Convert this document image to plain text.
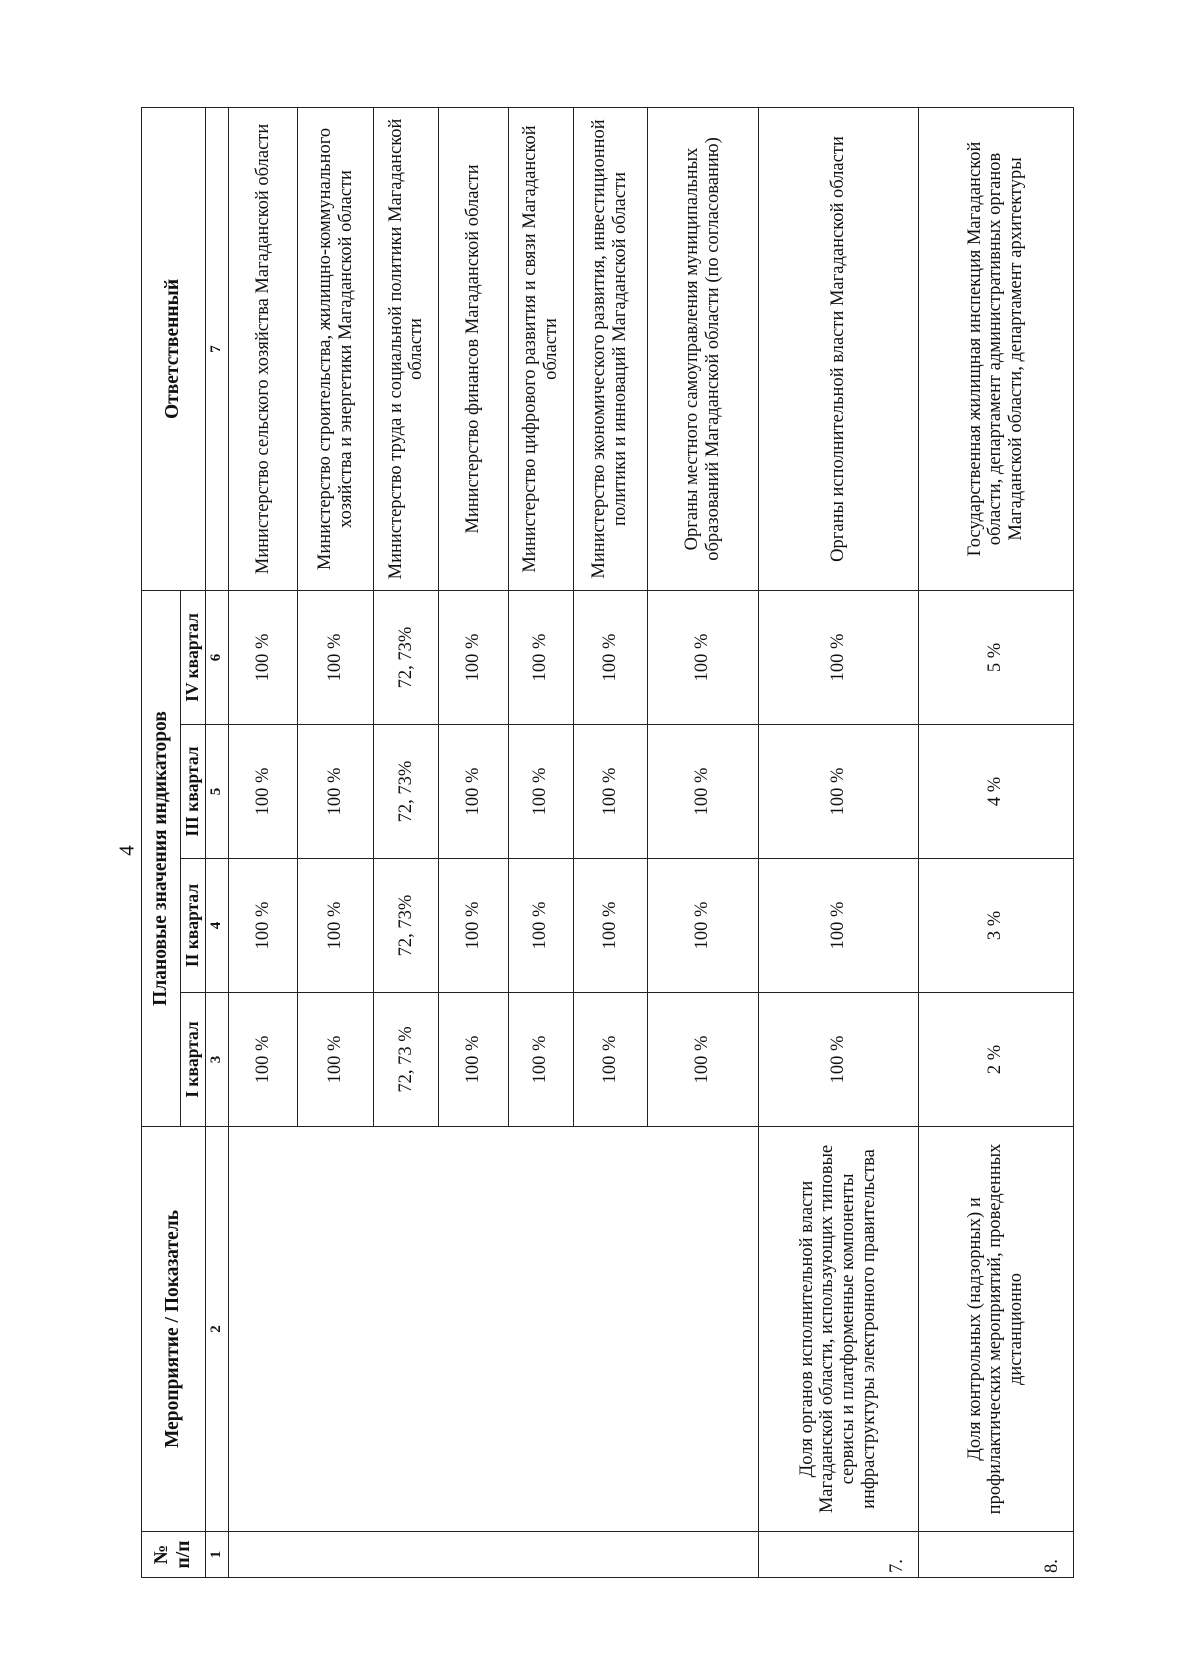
4
№ п/п	Мероприятие / Показатель	Плановые значения индикаторов				Ответственный
		I квартал	II квартал	III квартал	IV квартал	
1	2	3	4	5	6	7
		100 %	100 %	100 %	100 %	Министерство сельского хозяйства Магаданской области
		100 %	100 %	100 %	100 %	Министерство строительства, жилищно-коммунального хозяйства и энергетики Магаданской области
		72, 73 %	72, 73%	72, 73%	72, 73%	Министерство труда и социальной политики Магаданской области
		100 %	100 %	100 %	100 %	Министерство финансов Магаданской области
		100 %	100 %	100 %	100 %	Министерство цифрового развития и связи Магаданской области
		100 %	100 %	100 %	100 %	Министерство экономического развития, инвестиционной политики и инноваций Магаданской области
		100 %	100 %	100 %	100 %	Органы местного самоуправления муниципальных образований Магаданской области (по согласованию)
7.	Доля органов исполнительной власти Магаданской области, использующих типовые сервисы и платформенные компоненты инфраструктуры электронного правительства	100 %	100 %	100 %	100 %	Органы исполнительной власти Магаданской области
8.	Доля контрольных (надзорных) и профилактических мероприятий, проведенных дистанционно	2 %	3 %	4 %	5 %	Государственная жилищная инспекция Магаданской области, департамент административных органов Магаданской области, департамент архитектуры
